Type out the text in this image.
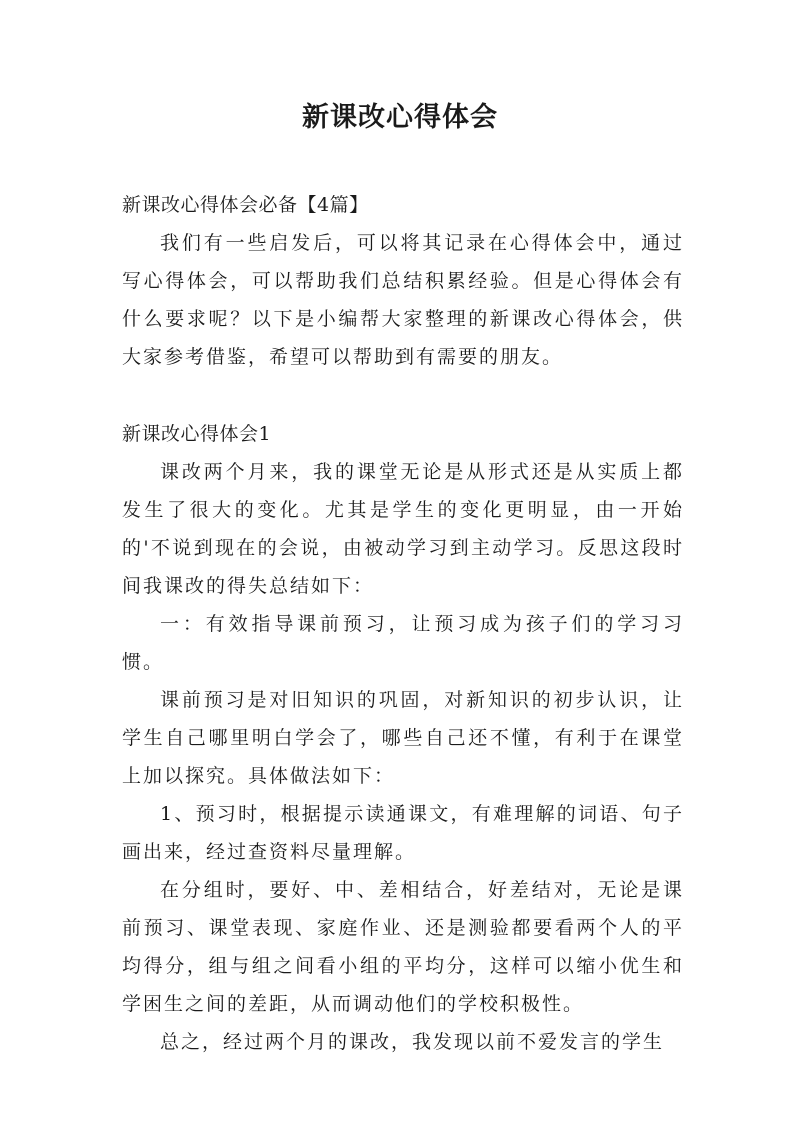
新课改心得体会

新课改心得体会必备【4篇】

我们有一些启发后，可以将其记录在心得体会中，通过写心得体会，可以帮助我们总结积累经验。但是心得体会有什么要求呢？以下是小编帮大家整理的新课改心得体会，供大家参考借鉴，希望可以帮助到有需要的朋友。

新课改心得体会1

课改两个月来，我的课堂无论是从形式还是从实质上都发生了很大的变化。尤其是学生的变化更明显，由一开始的'不说到现在的会说，由被动学习到主动学习。反思这段时间我课改的得失总结如下：

一：有效指导课前预习，让预习成为孩子们的学习习惯。

课前预习是对旧知识的巩固，对新知识的初步认识，让学生自己哪里明白学会了，哪些自己还不懂，有利于在课堂上加以探究。具体做法如下：

1、预习时，根据提示读通课文，有难理解的词语、句子画出来，经过查资料尽量理解。

在分组时，要好、中、差相结合，好差结对，无论是课前预习、课堂表现、家庭作业、还是测验都要看两个人的平均得分，组与组之间看小组的平均分，这样可以缩小优生和学困生之间的差距，从而调动他们的学校积极性。

总之，经过两个月的课改，我发现以前不爱发言的学生
